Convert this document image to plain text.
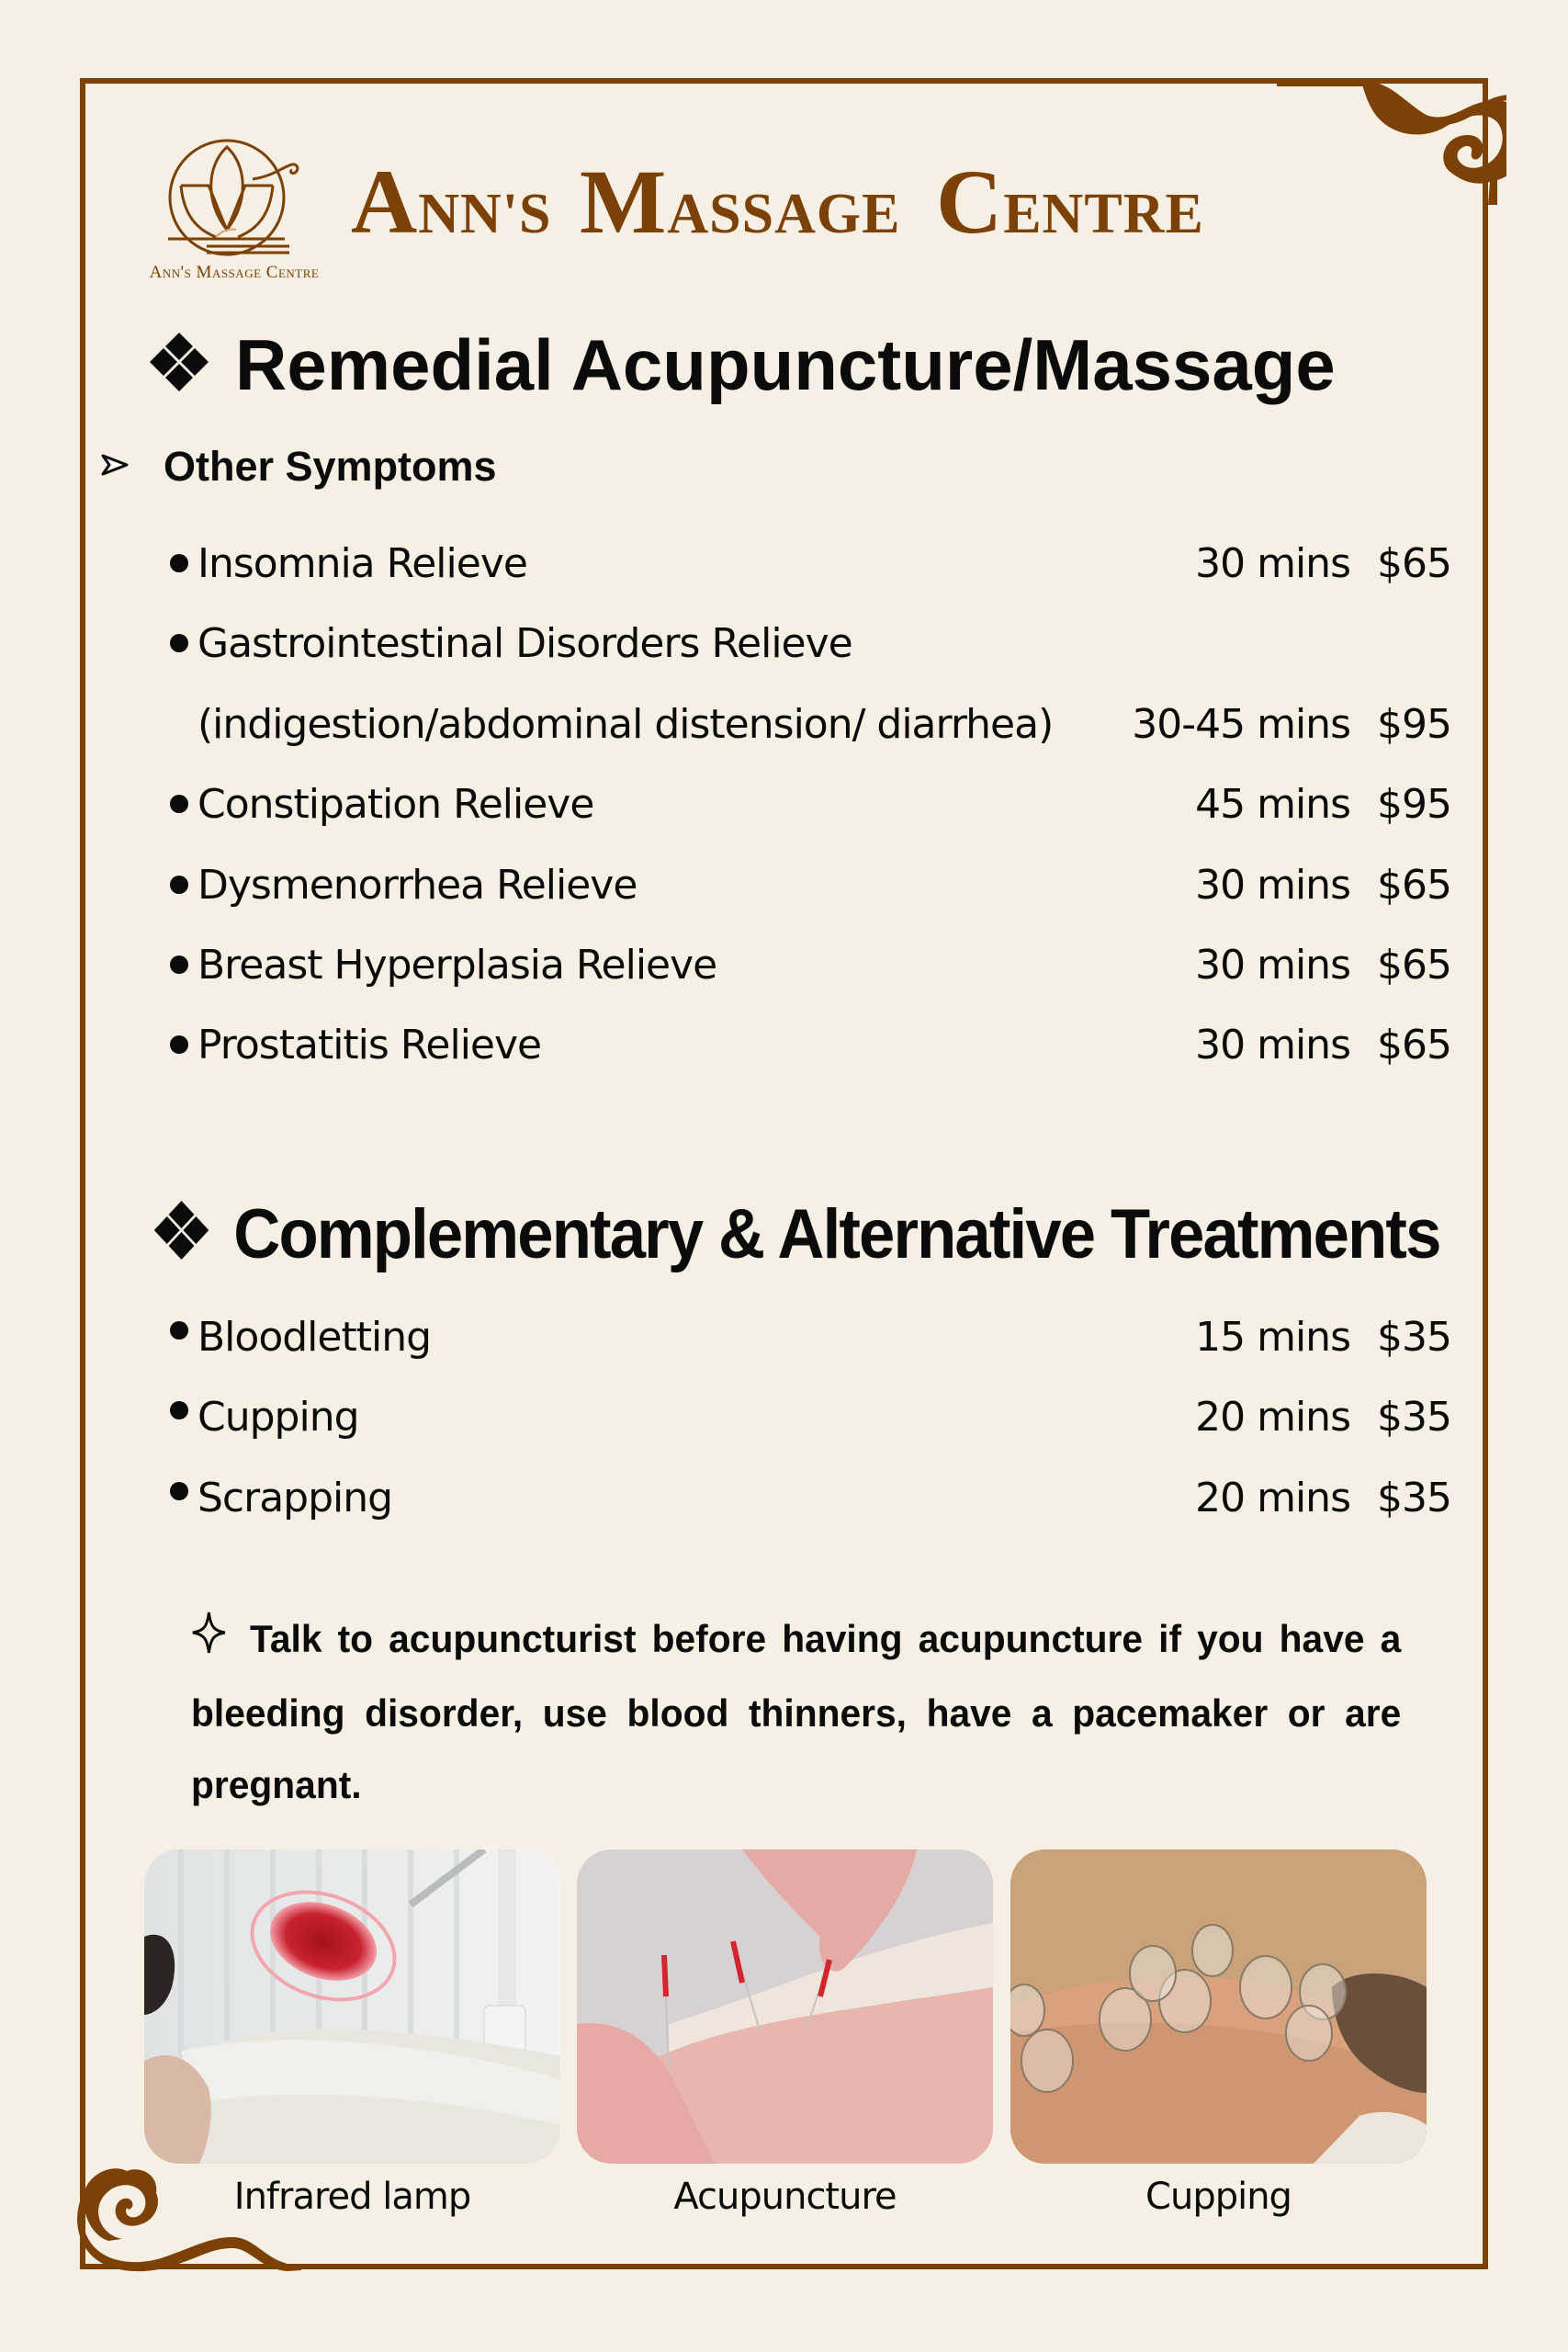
Ann's Massage Centre
ANN'S MASSAGE CENTRE
Remedial Acupuncture/Massage
Other Symptoms
Insomnia Relieve	30 mins $65
Gastrointestinal Disorders Relieve
(indigestion/abdominal distension/ diarrhea)	30-45 mins $95
Constipation Relieve	45 mins $95
Dysmenorrhea Relieve	30 mins $65
Breast Hyperplasia Relieve	30 mins $65
Prostatitis Relieve	30 mins $65
Complementary & Alternative Treatments
Bloodletting	15 mins $35
Cupping	20 mins $35
Scrapping	20 mins $35
Talk to acupuncturist before having acupuncture if you have a bleeding disorder, use blood thinners, have a pacemaker or are pregnant.
Infrared lamp	Acupuncture	Cupping
